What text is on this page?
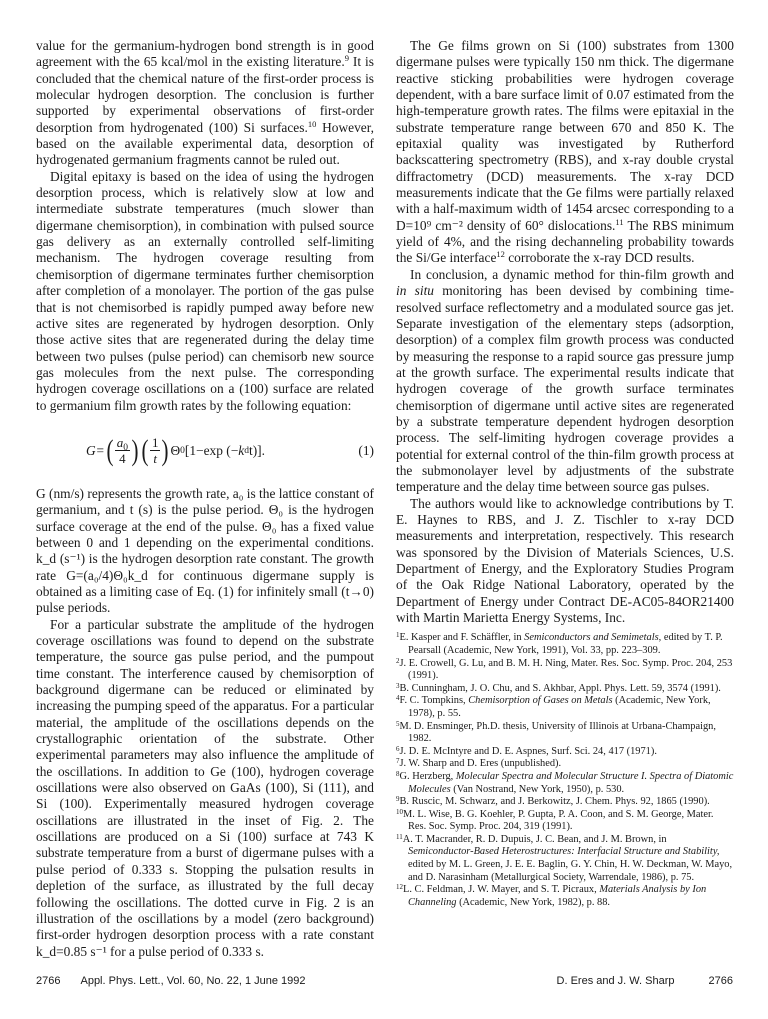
value for the germanium-hydrogen bond strength is in good agreement with the 65 kcal/mol in the existing literature.$^9$ It is concluded that the chemical nature of the first-order process is molecular hydrogen desorption. The conclusion is further supported by experimental observations of first-order desorption from hydrogenated (100) Si surfaces.$^{10}$ However, based on the available experimental data, desorption of hydrogenated germanium fragments cannot be ruled out.

Digital epitaxy is based on the idea of using the hydrogen desorption process, which is relatively slow at low and intermediate substrate temperatures (much slower than digermane chemisorption), in combination with pulsed source gas delivery as an externally controlled self-limiting mechanism. The hydrogen coverage resulting from chemisorption of digermane terminates further chemisorption after completion of a monolayer. The portion of the gas pulse that is not chemisorbed is rapidly pumped away before new active sites are regenerated by hydrogen desorption. Only those active sites that are regenerated during the delay time between two pulses (pulse period) can chemisorb new source gas molecules from the next pulse. The corresponding hydrogen coverage oscillations on a (100) surface are related to germanium film growth rates by the following equation:

G= ( $\frac{a_0}{4}$ ) ( $\frac{1}{t}$ ) Θ 0 [1−exp (− k d t)].	(1)

G (nm/s) represents the growth rate, a₀ is the lattice constant of germanium, and t (s) is the pulse period. Θ₀ is the hydrogen surface coverage at the end of the pulse. Θ₀ has a fixed value between 0 and 1 depending on the experimental conditions. k_d (s⁻¹) is the hydrogen desorption rate constant. The growth rate G=(a₀/4)Θ₀k_d for continuous digermane supply is obtained as a limiting case of Eq. (1) for infinitely small (t→0) pulse periods.

For a particular substrate the amplitude of the hydrogen coverage oscillations was found to depend on the substrate temperature, the source gas pulse period, and the pumpout time constant. The interference caused by chemisorption of background digermane can be reduced or eliminated by increasing the pumping speed of the apparatus. For a particular material, the amplitude of the oscillations depends on the crystallographic orientation of the substrate. Other experimental parameters may also influence the amplitude of the oscillations. In addition to Ge (100), hydrogen coverage oscillations were also observed on GaAs (100), Si (111), and Si (100). Experimentally measured hydrogen coverage oscillations are illustrated in the inset of Fig. 2. The oscillations are produced on a Si (100) surface at 743 K substrate temperature from a burst of digermane pulses with a pulse period of 0.333 s. Stopping the pulsation results in depletion of the surface, as illustrated by the full decay following the oscillations. The dotted curve in Fig. 2 is an illustration of the oscillations by a model (zero background) first-order hydrogen desorption process with a rate constant k_d=0.85 s⁻¹ for a pulse period of 0.333 s.

The Ge films grown on Si (100) substrates from 1300 digermane pulses were typically 150 nm thick. The digermane reactive sticking probabilities were hydrogen coverage dependent, with a bare surface limit of 0.07 estimated from the high-temperature growth rates. The films were epitaxial in the substrate temperature range between 670 and 850 K. The epitaxial quality was investigated by Rutherford backscattering spectrometry (RBS), and x-ray double crystal diffractometry (DCD) measurements. The x-ray DCD measurements indicate that the Ge films were partially relaxed with a half-maximum width of 1454 arcsec corresponding to a D=10⁹ cm⁻² density of 60° dislocations.$^{11}$ The RBS minimum yield of 4%, and the rising dechanneling probability towards the Si/Ge interface$^{12}$ corroborate the x-ray DCD results.

In conclusion, a dynamic method for thin-film growth and in situ monitoring has been devised by combining time-resolved surface reflectometry and a modulated source gas jet. Separate investigation of the elementary steps (adsorption, desorption) of a complex film growth process was conducted by measuring the response to a rapid source gas pressure jump at the growth surface. The experimental results indicate that hydrogen coverage of the growth surface terminates chemisorption of digermane until active sites are regenerated by a substrate temperature dependent hydrogen desorption process. The self-limiting hydrogen coverage provides a potential for external control of the thin-film growth process at the submonolayer level by adjustments of the substrate temperature and the delay time between source gas pulses.

The authors would like to acknowledge contributions by T. E. Haynes to RBS, and J. Z. Tischler to x-ray DCD measurements and interpretation, respectively. This research was sponsored by the Division of Materials Sciences, U.S. Department of Energy, and the Exploratory Studies Program of the Oak Ridge National Laboratory, operated by the Department of Energy under Contract DE-AC05-84OR21400 with Martin Marietta Energy Systems, Inc.

$^1$E. Kasper and F. Schäffler, in Semiconductors and Semimetals, edited by T. P. Pearsall (Academic, New York, 1991), Vol. 33, pp. 223–309.

$^2$J. E. Crowell, G. Lu, and B. M. H. Ning, Mater. Res. Soc. Symp. Proc. 204, 253 (1991).

$^3$B. Cunningham, J. O. Chu, and S. Akhbar, Appl. Phys. Lett. 59, 3574 (1991).

$^4$F. C. Tompkins, Chemisorption of Gases on Metals (Academic, New York, 1978), p. 55.

$^5$M. D. Ensminger, Ph.D. thesis, University of Illinois at Urbana-Champaign, 1982.

$^6$J. D. E. McIntyre and D. E. Aspnes, Surf. Sci. 24, 417 (1971).

$^7$J. W. Sharp and D. Eres (unpublished).

$^8$G. Herzberg, Molecular Spectra and Molecular Structure I. Spectra of Diatomic Molecules (Van Nostrand, New York, 1950), p. 530.

$^9$B. Ruscic, M. Schwarz, and J. Berkowitz, J. Chem. Phys. 92, 1865 (1990).

$^{10}$M. L. Wise, B. G. Koehler, P. Gupta, P. A. Coon, and S. M. George, Mater. Res. Soc. Symp. Proc. 204, 319 (1991).

$^{11}$A. T. Macrander, R. D. Dupuis, J. C. Bean, and J. M. Brown, in Semiconductor-Based Heterostructures: Interfacial Structure and Stability, edited by M. L. Green, J. E. E. Baglin, G. Y. Chin, H. W. Deckman, W. Mayo, and D. Narasinham (Metallurgical Society, Warrendale, 1986), p. 75.

$^{12}$L. C. Feldman, J. W. Mayer, and S. T. Picraux, Materials Analysis by Ion Channeling (Academic, New York, 1982), p. 88.

2766 Appl. Phys. Lett., Vol. 60, No. 22, 1 June 1992	D. Eres and J. W. Sharp	2766
